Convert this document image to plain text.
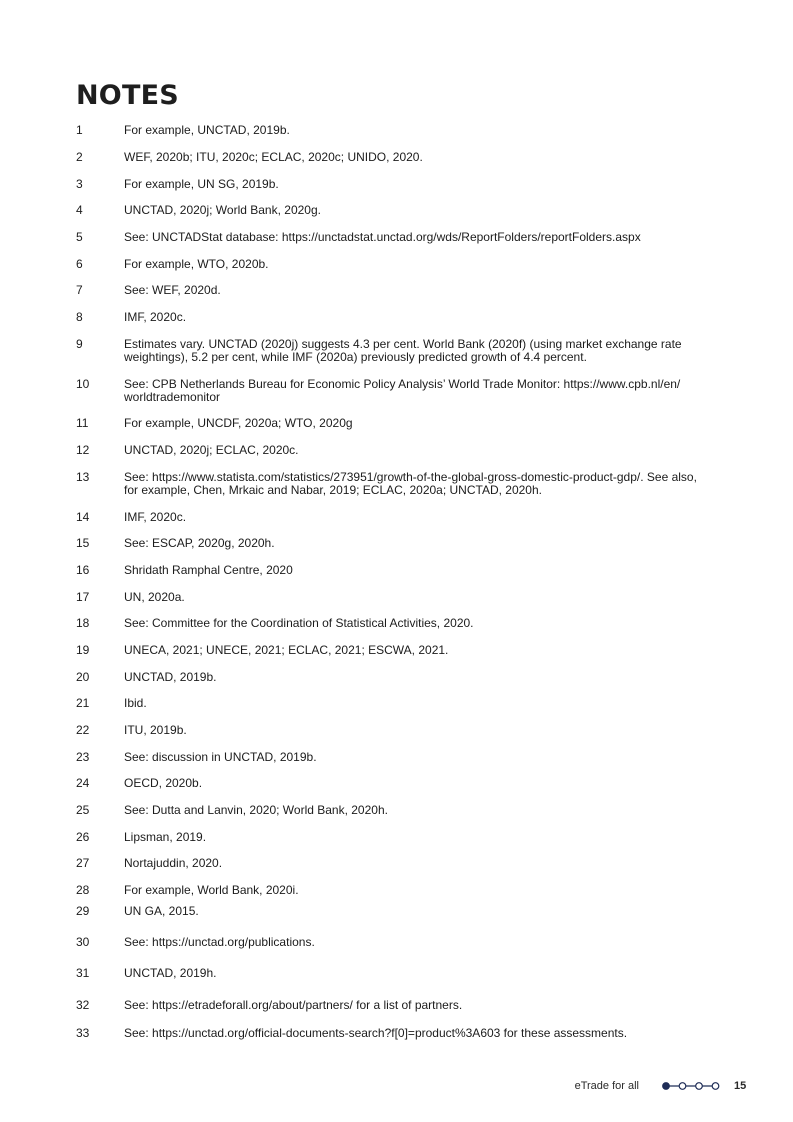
NOTES
1	For example, UNCTAD, 2019b.
2	WEF, 2020b; ITU, 2020c; ECLAC, 2020c; UNIDO, 2020.
3	For example, UN SG, 2019b.
4	UNCTAD, 2020j; World Bank, 2020g.
5	See: UNCTADStat database: https://unctadstat.unctad.org/wds/ReportFolders/reportFolders.aspx
6	For example, WTO, 2020b.
7	See: WEF, 2020d.
8	IMF, 2020c.
9	Estimates vary. UNCTAD (2020j) suggests 4.3 per cent. World Bank (2020f) (using market exchange rate weightings), 5.2 per cent, while IMF (2020a) previously predicted growth of 4.4 percent.
10	See: CPB Netherlands Bureau for Economic Policy Analysis’ World Trade Monitor: https://www.cpb.nl/en/ worldtrademonitor
11	For example, UNCDF, 2020a; WTO, 2020g
12	UNCTAD, 2020j; ECLAC, 2020c.
13	See: https://www.statista.com/statistics/273951/growth-of-the-global-gross-domestic-product-gdp/. See also, for example, Chen, Mrkaic and Nabar, 2019; ECLAC, 2020a; UNCTAD, 2020h.
14	IMF, 2020c.
15	See: ESCAP, 2020g, 2020h.
16	Shridath Ramphal Centre, 2020
17	UN, 2020a.
18	See: Committee for the Coordination of Statistical Activities, 2020.
19	UNECA, 2021; UNECE, 2021; ECLAC, 2021; ESCWA, 2021.
20	UNCTAD, 2019b.
21	Ibid.
22	ITU, 2019b.
23	See: discussion in UNCTAD, 2019b.
24	OECD, 2020b.
25	See: Dutta and Lanvin, 2020; World Bank, 2020h.
26	Lipsman, 2019.
27	Nortajuddin, 2020.
28	For example, World Bank, 2020i.
29	UN GA, 2015.
30	See: https://unctad.org/publications.
31	UNCTAD, 2019h.
32	See: https://etradeforall.org/about/partners/ for a list of partners.
33	See: https://unctad.org/official-documents-search?f[0]=product%3A603 for these assessments.
eTrade for all	15
